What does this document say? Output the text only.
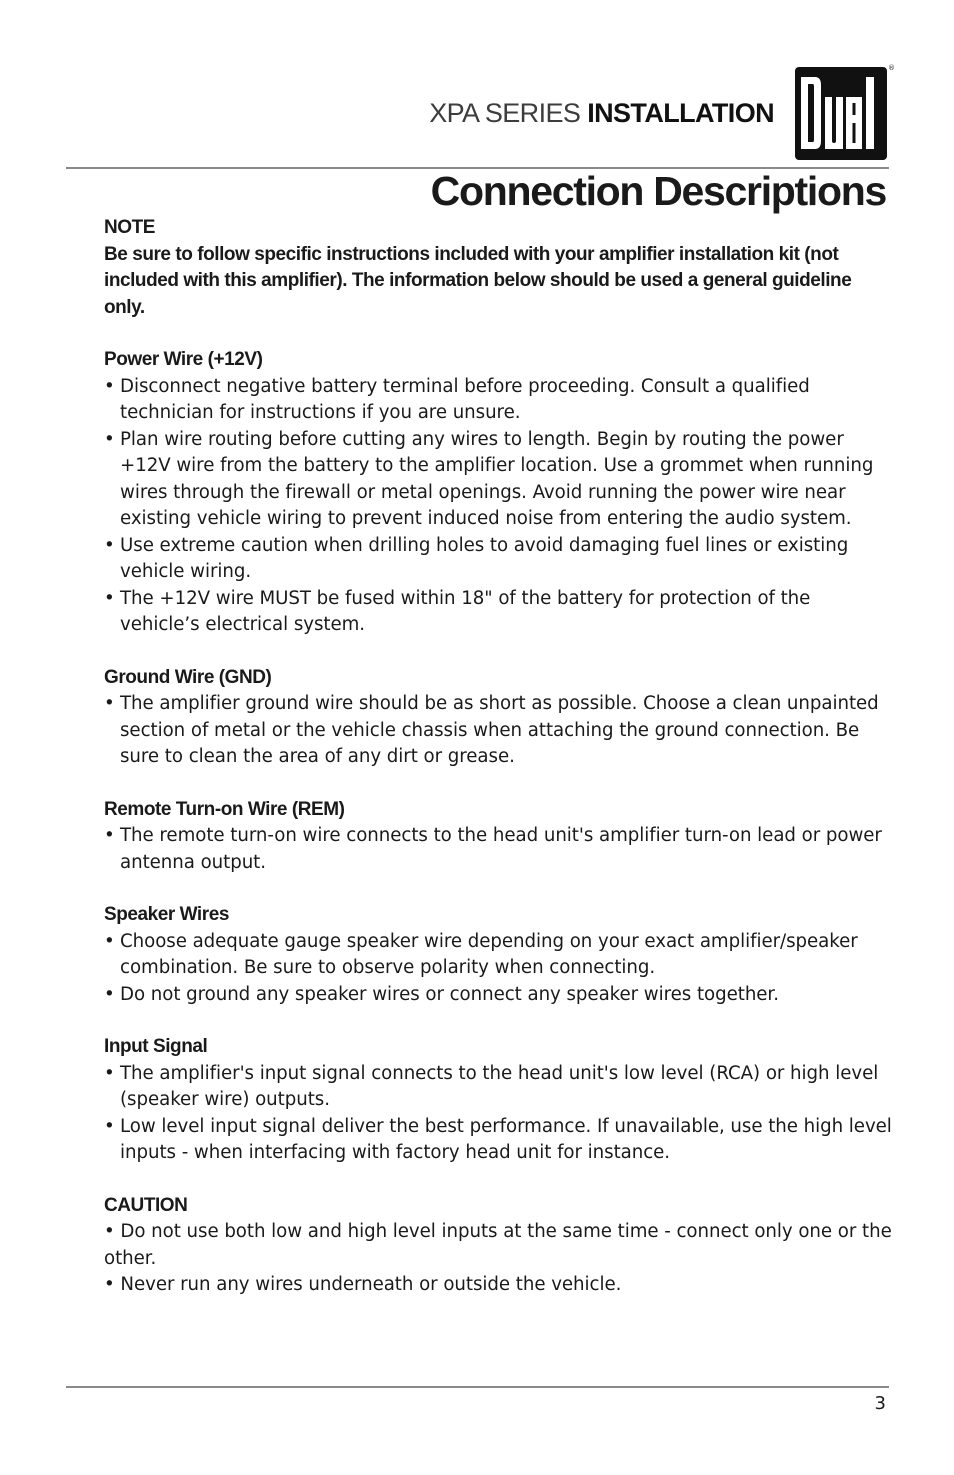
XPA SERIES INSTALLATION
®
Connection Descriptions
NOTE

Be sure to follow specific instructions included with your amplifier installation kit (not included with this amplifier). The information below should be used a general guideline only.

Power Wire (+12V)
• Disconnect negative battery terminal before proceeding. Consult a qualified technician for instructions if you are unsure.
• Plan wire routing before cutting any wires to length. Begin by routing the power +12V wire from the battery to the amplifier location. Use a grommet when running wires through the firewall or metal openings. Avoid running the power wire near existing vehicle wiring to prevent induced noise from entering the audio system.
• Use extreme caution when drilling holes to avoid damaging fuel lines or existing vehicle wiring.
• The +12V wire MUST be fused within 18" of the battery for protection of the vehicle’s electrical system.
Ground Wire (GND)
• The amplifier ground wire should be as short as possible. Choose a clean unpainted section of metal or the vehicle chassis when attaching the ground connection. Be sure to clean the area of any dirt or grease.
Remote Turn-on Wire (REM)
• The remote turn-on wire connects to the head unit's amplifier turn-on lead or power antenna output.
Speaker Wires
• Choose adequate gauge speaker wire depending on your exact amplifier/speaker combination. Be sure to observe polarity when connecting.
• Do not ground any speaker wires or connect any speaker wires together.
Input Signal
• The amplifier's input signal connects to the head unit's low level (RCA) or high level (speaker wire) outputs.
• Low level input signal deliver the best performance. If unavailable, use the high level inputs - when interfacing with factory head unit for instance.
CAUTION

• Do not use both low and high level inputs at the same time - connect only one or the other.

• Never run any wires underneath or outside the vehicle.

3
